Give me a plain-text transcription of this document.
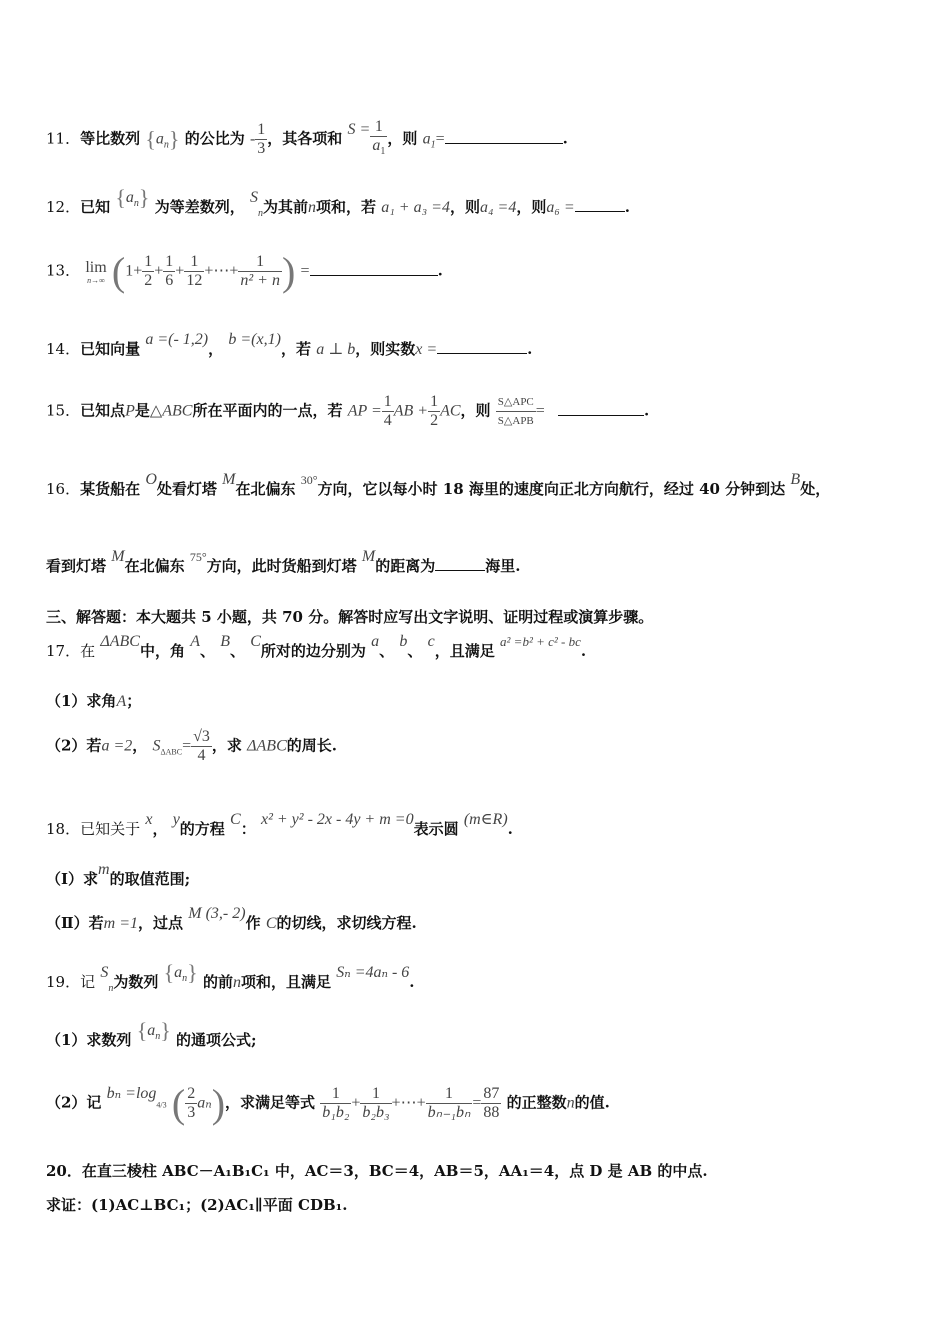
11．等比数列 $\{a_n\}$ 的公比为 - $\frac{1}{3}$ ，其各项和 $S = \frac{1}{a_1}$ ，则 $a_1=$	.
12．已知 $\{a_n\}$ 为等差数列， $S_n$为其前n项和，若 a₁ + a₃ =4，则a₄ =4，则a₆ =	.
13． lim
n→∞ ($1+ \frac{1}{2} + \frac{1}{6} + \frac{1}{12}$ +⋯+ $\frac{1}{\text{n² + n}}$ ) =	.
14．已知向量 a =(- 1,2)， b =(x,1)，若 a ⊥ b，则实数x =	.
15．已知点P是△ABC所在平面内的一点，若 AP = $\frac{1}{4}$ AB + $\frac{1}{2}$ AC，则 $\frac{\text{S△APC}}{\text{S△APB}}$ =	.
16．某货船在 O处看灯塔 M在北偏东 $^{30^\circ}$方向，它以每小时 18 海里的速度向正北方向航行，经过 40 分钟到达 B处，
看到灯塔 M在北偏东 $^{75^\circ}$方向，此时货船到灯塔 M的距离为	海里.
三、解答题：本大题共 5 小题，共 70 分。解答时应写出文字说明、证明过程或演算步骤。
17．在 ΔABC中，角 A、 B、 C所对的边分别为 a、 b、 c，且满足 a² =b² + c² - bc.
（1）求角A；
（2）若a =2， $S_{\Delta ABC}= \frac{√3}{4}$ ，求 ΔABC的周长.
18．已知关于 x， y的方程 C： x² + y² - 2x - 4y + m =0表示圆 (m∈R).
（Ⅰ）求m的取值范围;
（Ⅱ）若m =1，过点 M (3,- 2)作 C的切线，求切线方程.
19．记 $S_n$为数列 $\{a_n\}$ 的前n项和，且满足 Sₙ =4aₙ - 6.
（1）求数列 $\{a_n\}$ 的通项公式;
（2）记 bₙ =log4/3 ( $\frac{2}{3} a_n$)，求满足等式 $\frac{1}{\text{b₁b₂}} + \frac{1}{\text{b₂b₃}}$ +⋯+ $\frac{1}{\text{bₙ₋₁bₙ}} = \frac{87}{88}$ 的正整数n的值.
20．在直三棱柱 ABC－A₁B₁C₁ 中，AC＝3，BC＝4，AB＝5，AA₁＝4，点 D 是 AB 的中点.
求证：(1)AC⊥BC₁；(2)AC₁∥平面 CDB₁.
